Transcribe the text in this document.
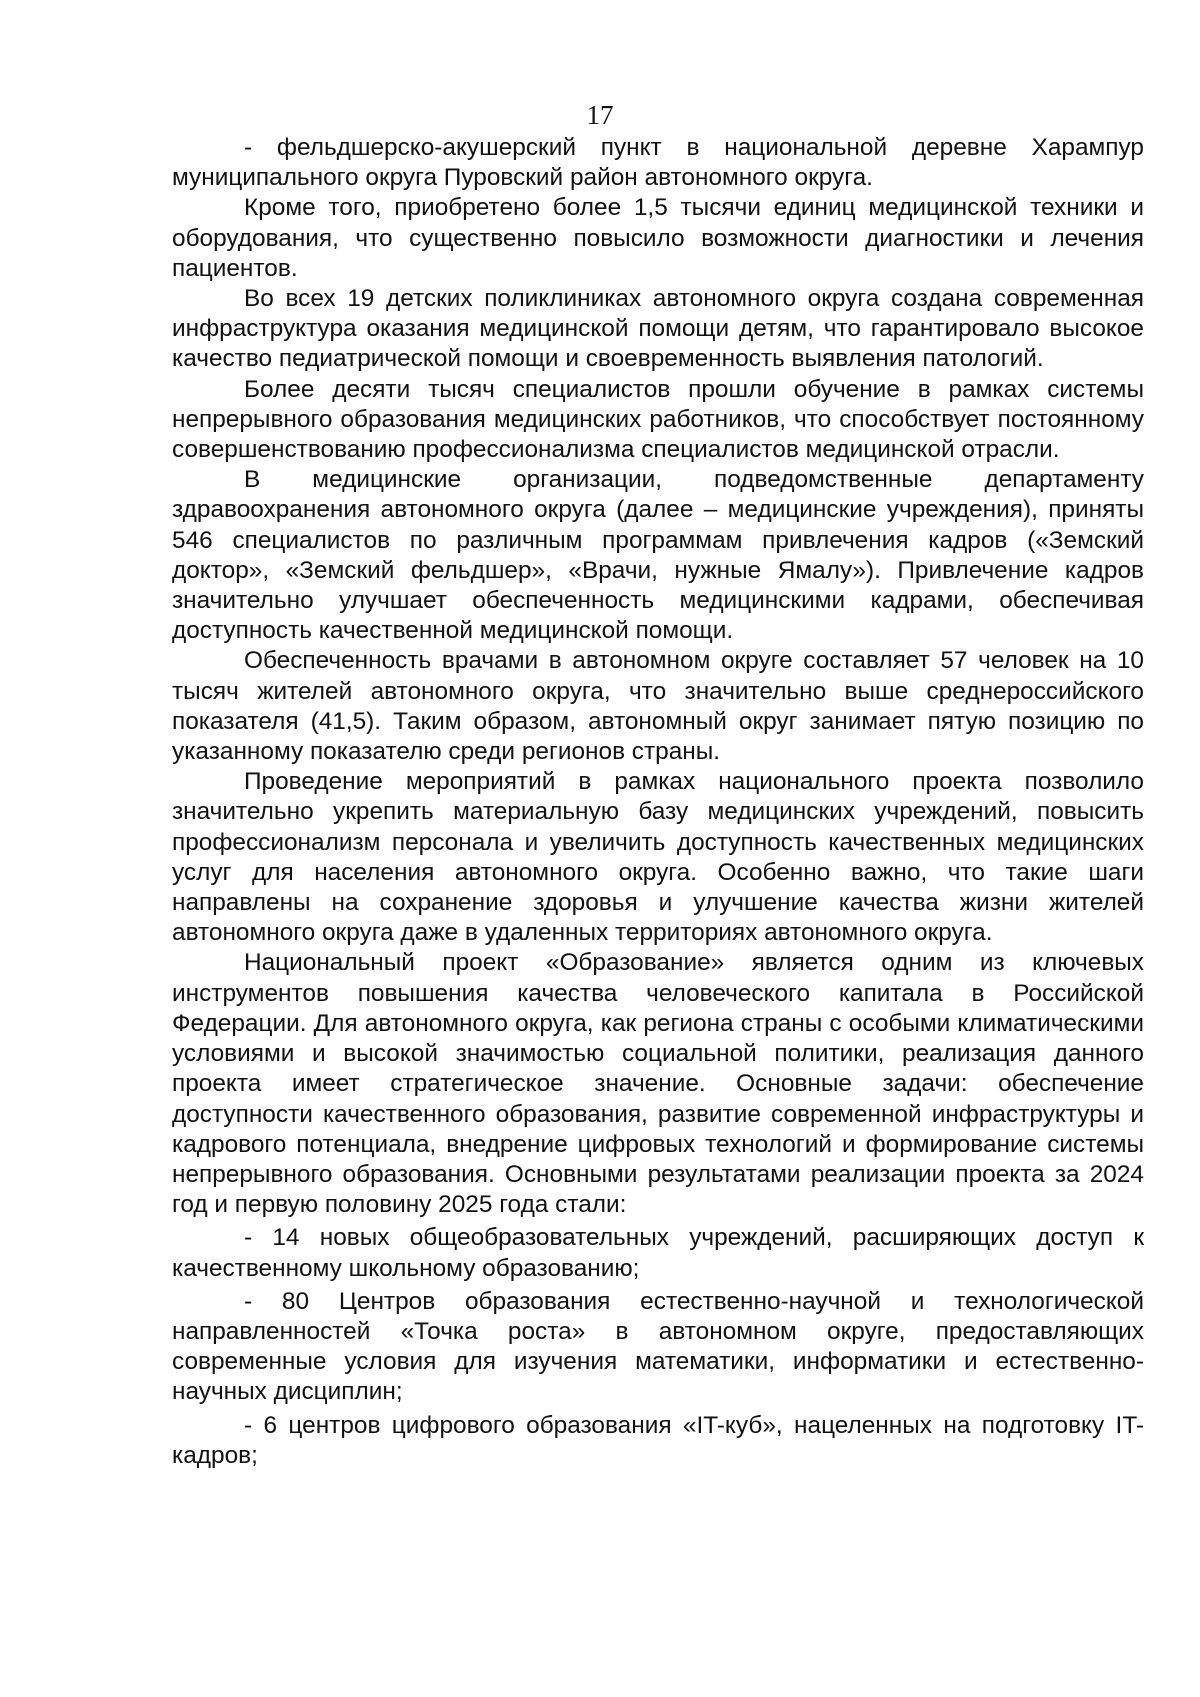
17

- фельдшерско-акушерский пункт в национальной деревне Харампур муниципального округа Пуровский район автономного округа.

Кроме того, приобретено более 1,5 тысячи единиц медицинской техники и оборудования, что существенно повысило возможности диагностики и лечения пациентов.

Во всех 19 детских поликлиниках автономного округа создана современная инфраструктура оказания медицинской помощи детям, что гарантировало высокое качество педиатрической помощи и своевременность выявления патологий.

Более десяти тысяч специалистов прошли обучение в рамках системы непрерывного образования медицинских работников, что способствует постоянному совершенствованию профессионализма специалистов медицинской отрасли.

В медицинские организации, подведомственные департаменту здравоохранения автономного округа (далее – медицинские учреждения), приняты 546 специалистов по различным программам привлечения кадров («Земский доктор», «Земский фельдшер», «Врачи, нужные Ямалу»). Привлечение кадров значительно улучшает обеспеченность медицинскими кадрами, обеспечивая доступность качественной медицинской помощи.

Обеспеченность врачами в автономном округе составляет 57 человек на 10 тысяч жителей автономного округа, что значительно выше среднероссийского показателя (41,5). Таким образом, автономный округ занимает пятую позицию по указанному показателю среди регионов страны.

Проведение мероприятий в рамках национального проекта позволило значительно укрепить материальную базу медицинских учреждений, повысить профессионализм персонала и увеличить доступность качественных медицинских услуг для населения автономного округа. Особенно важно, что такие шаги направлены на сохранение здоровья и улучшение качества жизни жителей автономного округа даже в удаленных территориях автономного округа.

Национальный проект «Образование» является одним из ключевых инструментов повышения качества человеческого капитала в Российской Федерации. Для автономного округа, как региона страны с особыми климатическими условиями и высокой значимостью социальной политики, реализация данного проекта имеет стратегическое значение. Основные задачи: обеспечение доступности качественного образования, развитие современной инфраструктуры и кадрового потенциала, внедрение цифровых технологий и формирование системы непрерывного образования. Основными результатами реализации проекта за 2024 год и первую половину 2025 года стали:

- 14 новых общеобразовательных учреждений, расширяющих доступ к качественному школьному образованию;

- 80 Центров образования естественно-научной и технологической направленностей «Точка роста» в автономном округе, предоставляющих современные условия для изучения математики, информатики и естественно-научных дисциплин;

- 6 центров цифрового образования «IT-куб», нацеленных на подготовку IT-кадров;
